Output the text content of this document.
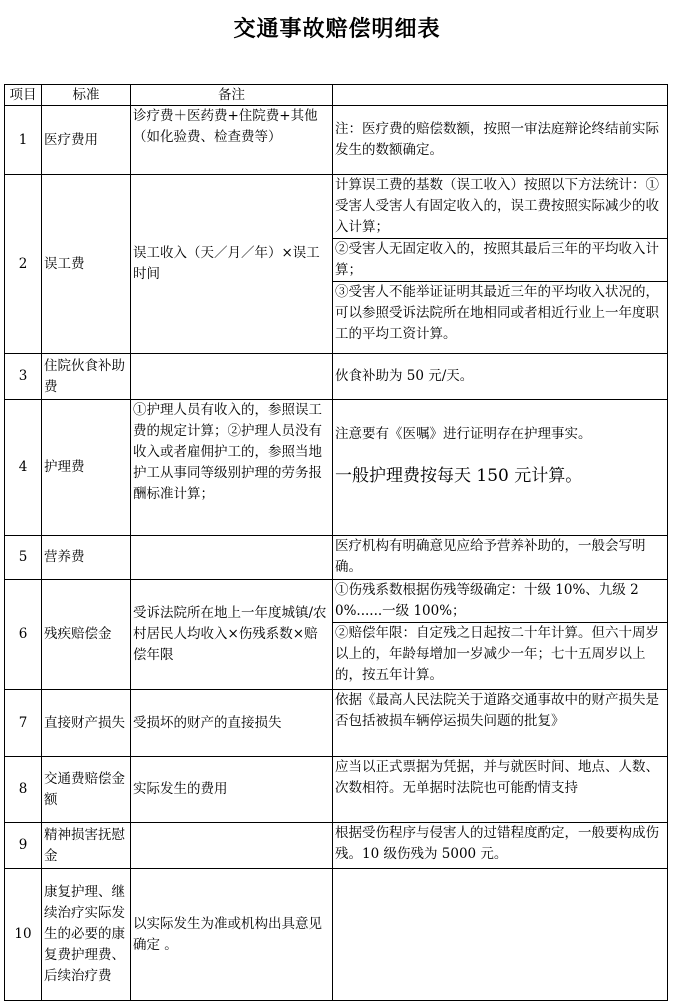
交通事故赔偿明细表
项目	标准	备注	
1	医疗费用	诊疗费＋医药费+住院费+其他（如化验费、检查费等）	注：医疗费的赔偿数额，按照一审法庭辩论终结前实际发生的数额确定。
2	误工费	误工收入（天／月／年）×误工时间	计算误工费的基数（误工收入）按照以下方法统计：①受害人受害人有固定收入的，误工费按照实际减少的收入计算；
②受害人无固定收入的，按照其最后三年的平均收入计算；
③受害人不能举证证明其最近三年的平均收入状况的，可以参照受诉法院所在地相同或者相近行业上一年度职工的平均工资计算。

3	住院伙食补助费		伙食补助为 50 元/天。
4	护理费	①护理人员有收入的，参照误工费的规定计算；②护理人员没有收入或者雇佣护工的，参照当地护工从事同等级别护理的劳务报酬标准计算；	注意要有《医嘱》进行证明存在护理事实。
一般护理费按每天 150 元计算。

5	营养费		医疗机构有明确意见应给予营养补助的，一般会写明确。
6	残疾赔偿金	受诉法院所在地上一年度城镇/农村居民人均收入×伤残系数×赔偿年限	①伤残系数根据伤残等级确定：十级 10%、九级 20%......一级 100%；
②赔偿年限：自定残之日起按二十年计算。但六十周岁以上的，年龄每增加一岁减少一年；七十五周岁以上的，按五年计算。

7	直接财产损失	受损坏的财产的直接损失	依据《最高人民法院关于道路交通事故中的财产损失是否包括被损车辆停运损失问题的批复》
8	交通费赔偿金额	实际发生的费用	应当以正式票据为凭据，并与就医时间、地点、人数、次数相符。无单据时法院也可能酌情支持
9	精神损害抚慰金		根据受伤程序与侵害人的过错程度酌定，一般要构成伤残。10 级伤残为 5000 元。
10	康复护理、继续治疗实际发生的必要的康复费护理费、后续治疗费	以实际发生为准或机构出具意见确定 。	
